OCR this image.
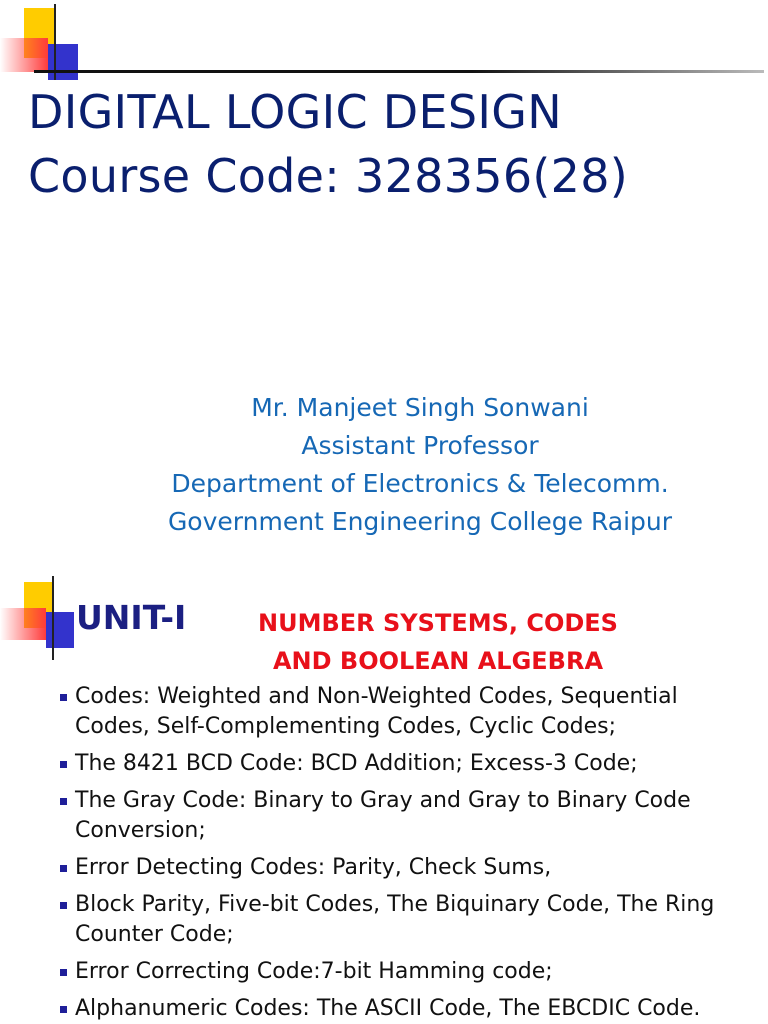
DIGITAL LOGIC DESIGN
Course Code: 328356(28)
Mr. Manjeet Singh Sonwani
Assistant Professor
Department of Electronics & Telecomm.
Government Engineering College Raipur
UNIT-I	NUMBER SYSTEMS, CODES
AND BOOLEAN ALGEBRA
Codes: Weighted and Non-Weighted Codes, Sequential Codes, Self-Complementing Codes, Cyclic Codes;
The 8421 BCD Code: BCD Addition; Excess-3 Code;
The Gray Code: Binary to Gray and Gray to Binary Code Conversion;
Error Detecting Codes: Parity, Check Sums,
Block Parity, Five-bit Codes, The Biquinary Code, The Ring Counter Code;
Error Correcting Code:7-bit Hamming code;
Alphanumeric Codes: The ASCII Code, The EBCDIC Code.
